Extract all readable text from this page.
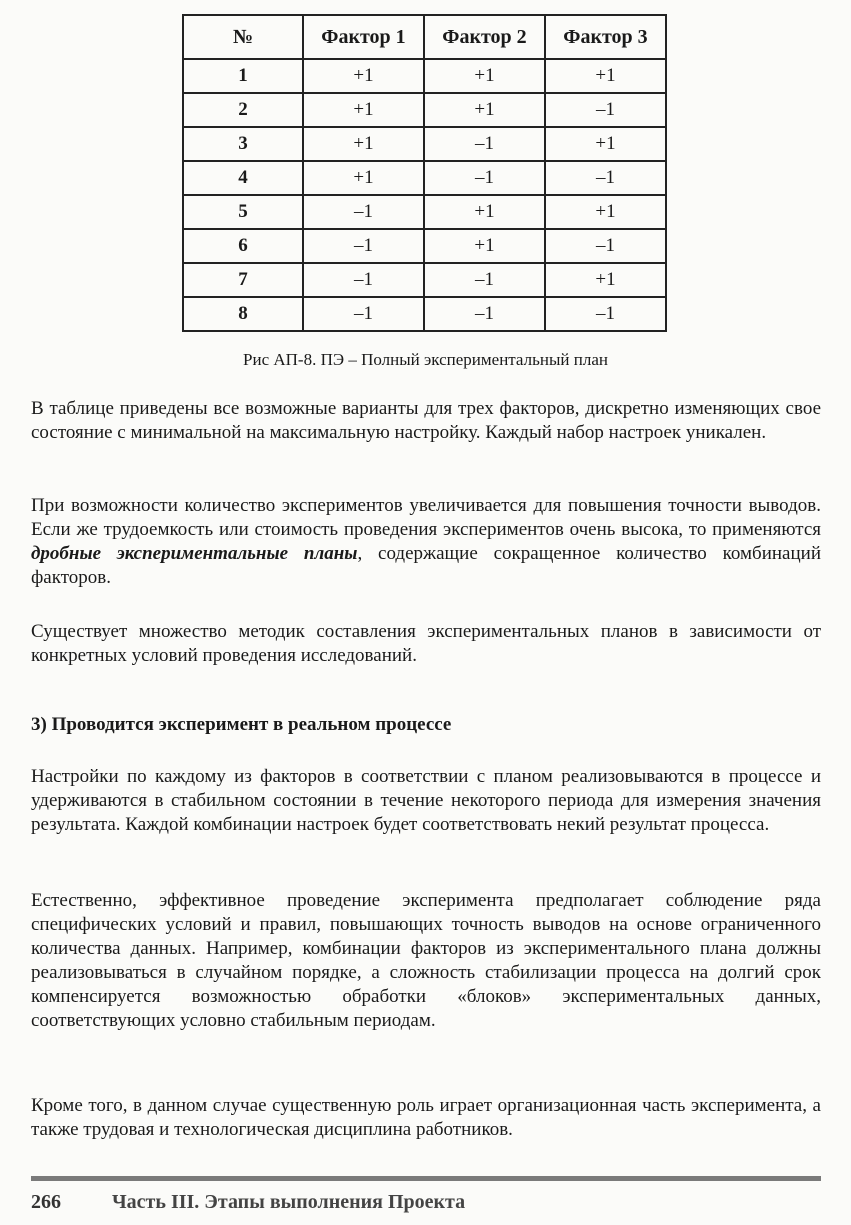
№	Фактор 1	Фактор 2	Фактор 3
1	+1	+1	+1
2	+1	+1	–1
3	+1	–1	+1
4	+1	–1	–1
5	–1	+1	+1
6	–1	+1	–1
7	–1	–1	+1
8	–1	–1	–1
Рис АП-8. ПЭ – Полный экспериментальный план

В таблице приведены все возможные варианты для трех факторов, дискретно изменяющих свое состояние с минимальной на максимальную настройку. Каждый набор настроек уникален.

При возможности количество экспериментов увеличивается для повышения точности выводов. Если же трудоемкость или стоимость проведения экспериментов очень высока, то применяются дробные экспериментальные планы, содержащие сокращенное количество комбинаций факторов.

Существует множество методик составления экспериментальных планов в зависимости от конкретных условий проведения исследований.

3) Проводится эксперимент в реальном процессе

Настройки по каждому из факторов в соответствии с планом реализовываются в процессе и удерживаются в стабильном состоянии в течение некоторого периода для измерения значения результата. Каждой комбинации настроек будет соответствовать некий результат процесса.

Естественно, эффективное проведение эксперимента предполагает соблюдение ряда специфических условий и правил, повышающих точность выводов на основе ограниченного количества данных. Например, комбинации факторов из экспериментального плана должны реализовываться в случайном порядке, а сложность стабилизации процесса на долгий срок компенсируется возможностью обработки «блоков» экспериментальных данных, соответствующих условно стабильным периодам.

Кроме того, в данном случае существенную роль играет организационная часть эксперимента, а также трудовая и технологическая дисциплина работников.

266	Часть III. Этапы выполнения Проекта
